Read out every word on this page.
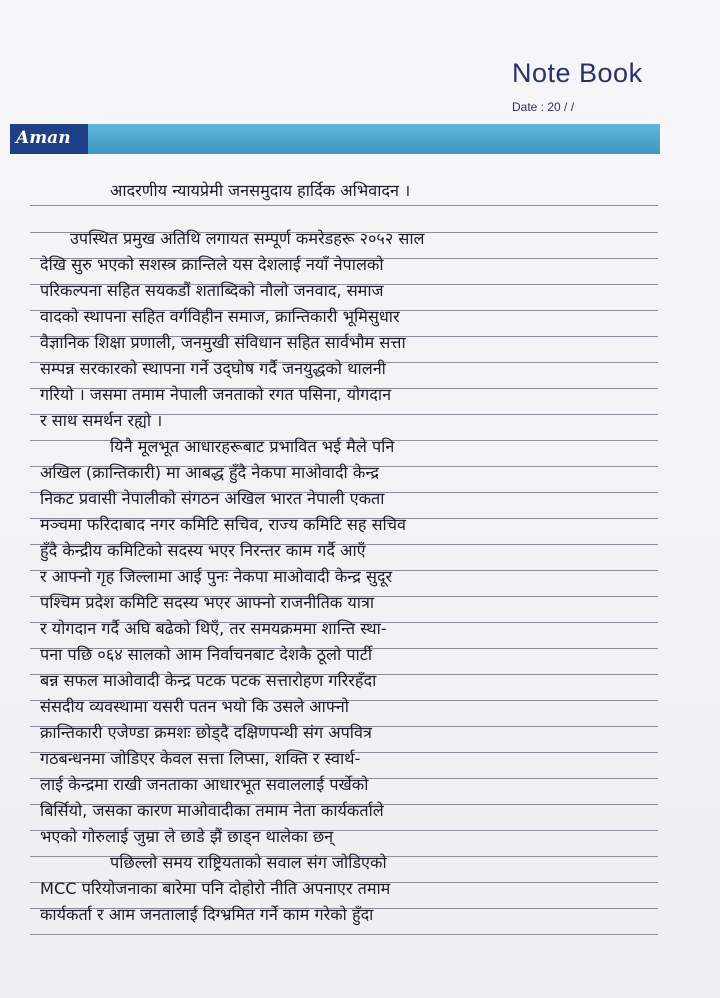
Note Book
Date : 20 / /
Aman
आदरणीय न्यायप्रेमी जनसमुदाय हार्दिक अभिवादन ।
उपस्थित प्रमुख अतिथि लगायत सम्पूर्ण कमरेडहरू २०५२ साल
देखि सुरु भएको सशस्त्र क्रान्तिले यस देशलाई नयाँ नेपालको
परिकल्पना सहित सयकडौं शताब्दिको नौलो जनवाद, समाज
वादको स्थापना सहित वर्गविहीन समाज, क्रान्तिकारी भूमिसुधार
वैज्ञानिक शिक्षा प्रणाली, जनमुखी संविधान सहित सार्वभौम सत्ता
सम्पन्न सरकारको स्थापना गर्ने उद्‌घोष गर्दै जनयुद्धको थालनी
गरियो । जसमा तमाम नेपाली जनताको रगत पसिना, योगदान
र साथ समर्थन रह्यो ।
यिनै मूलभूत आधारहरूबाट प्रभावित भई मैले पनि
अखिल (क्रान्तिकारी) मा आबद्ध हुँदै नेकपा माओवादी केन्द्र
निकट प्रवासी नेपालीको संगठन अखिल भारत नेपाली एकता
मञ्चमा फरिदाबाद नगर कमिटि सचिव, राज्य कमिटि सह सचिव
हुँदै केन्द्रीय कमिटिको सदस्य भएर निरन्तर काम गर्दै आएँ
र आफ्नो गृह जिल्लामा आई पुनः नेकपा माओवादी केन्द्र सुदूर
पश्चिम प्रदेश कमिटि सदस्य भएर आफ्नो राजनीतिक यात्रा
र योगदान गर्दै अघि बढेको थिएँ, तर समयक्रममा शान्ति स्था-
पना पछि ०६४ सालको आम निर्वाचनबाट देशकै ठूलो पार्टी
बन्न सफल माओवादी केन्द्र पटक पटक सत्तारोहण गरिरहँदा
संसदीय व्यवस्थामा यसरी पतन भयो कि उसले आफ्नो
क्रान्तिकारी एजेण्डा क्रमशः छोड्दै दक्षिणपन्थी संग अपवित्र
गठबन्धनमा जोडिएर केवल सत्ता लिप्सा, शक्ति र स्वार्थ-
लाई केन्द्रमा राखी जनताका आधारभूत सवाललाई पर्खेको
बिर्सियो, जसका कारण माओवादीका तमाम नेता कार्यकर्ताले
भएको गोरुलाई जुम्रा ले छाडे झैं छाड्न थालेका छन्
पछिल्लो समय राष्ट्रियताको सवाल संग जोडिएको
MCC परियोजनाका बारेमा पनि दोहोरो नीति अपनाएर तमाम
कार्यकर्ता र आम जनतालाई दिग्भ्रमित गर्ने काम गरेको हुँदा
